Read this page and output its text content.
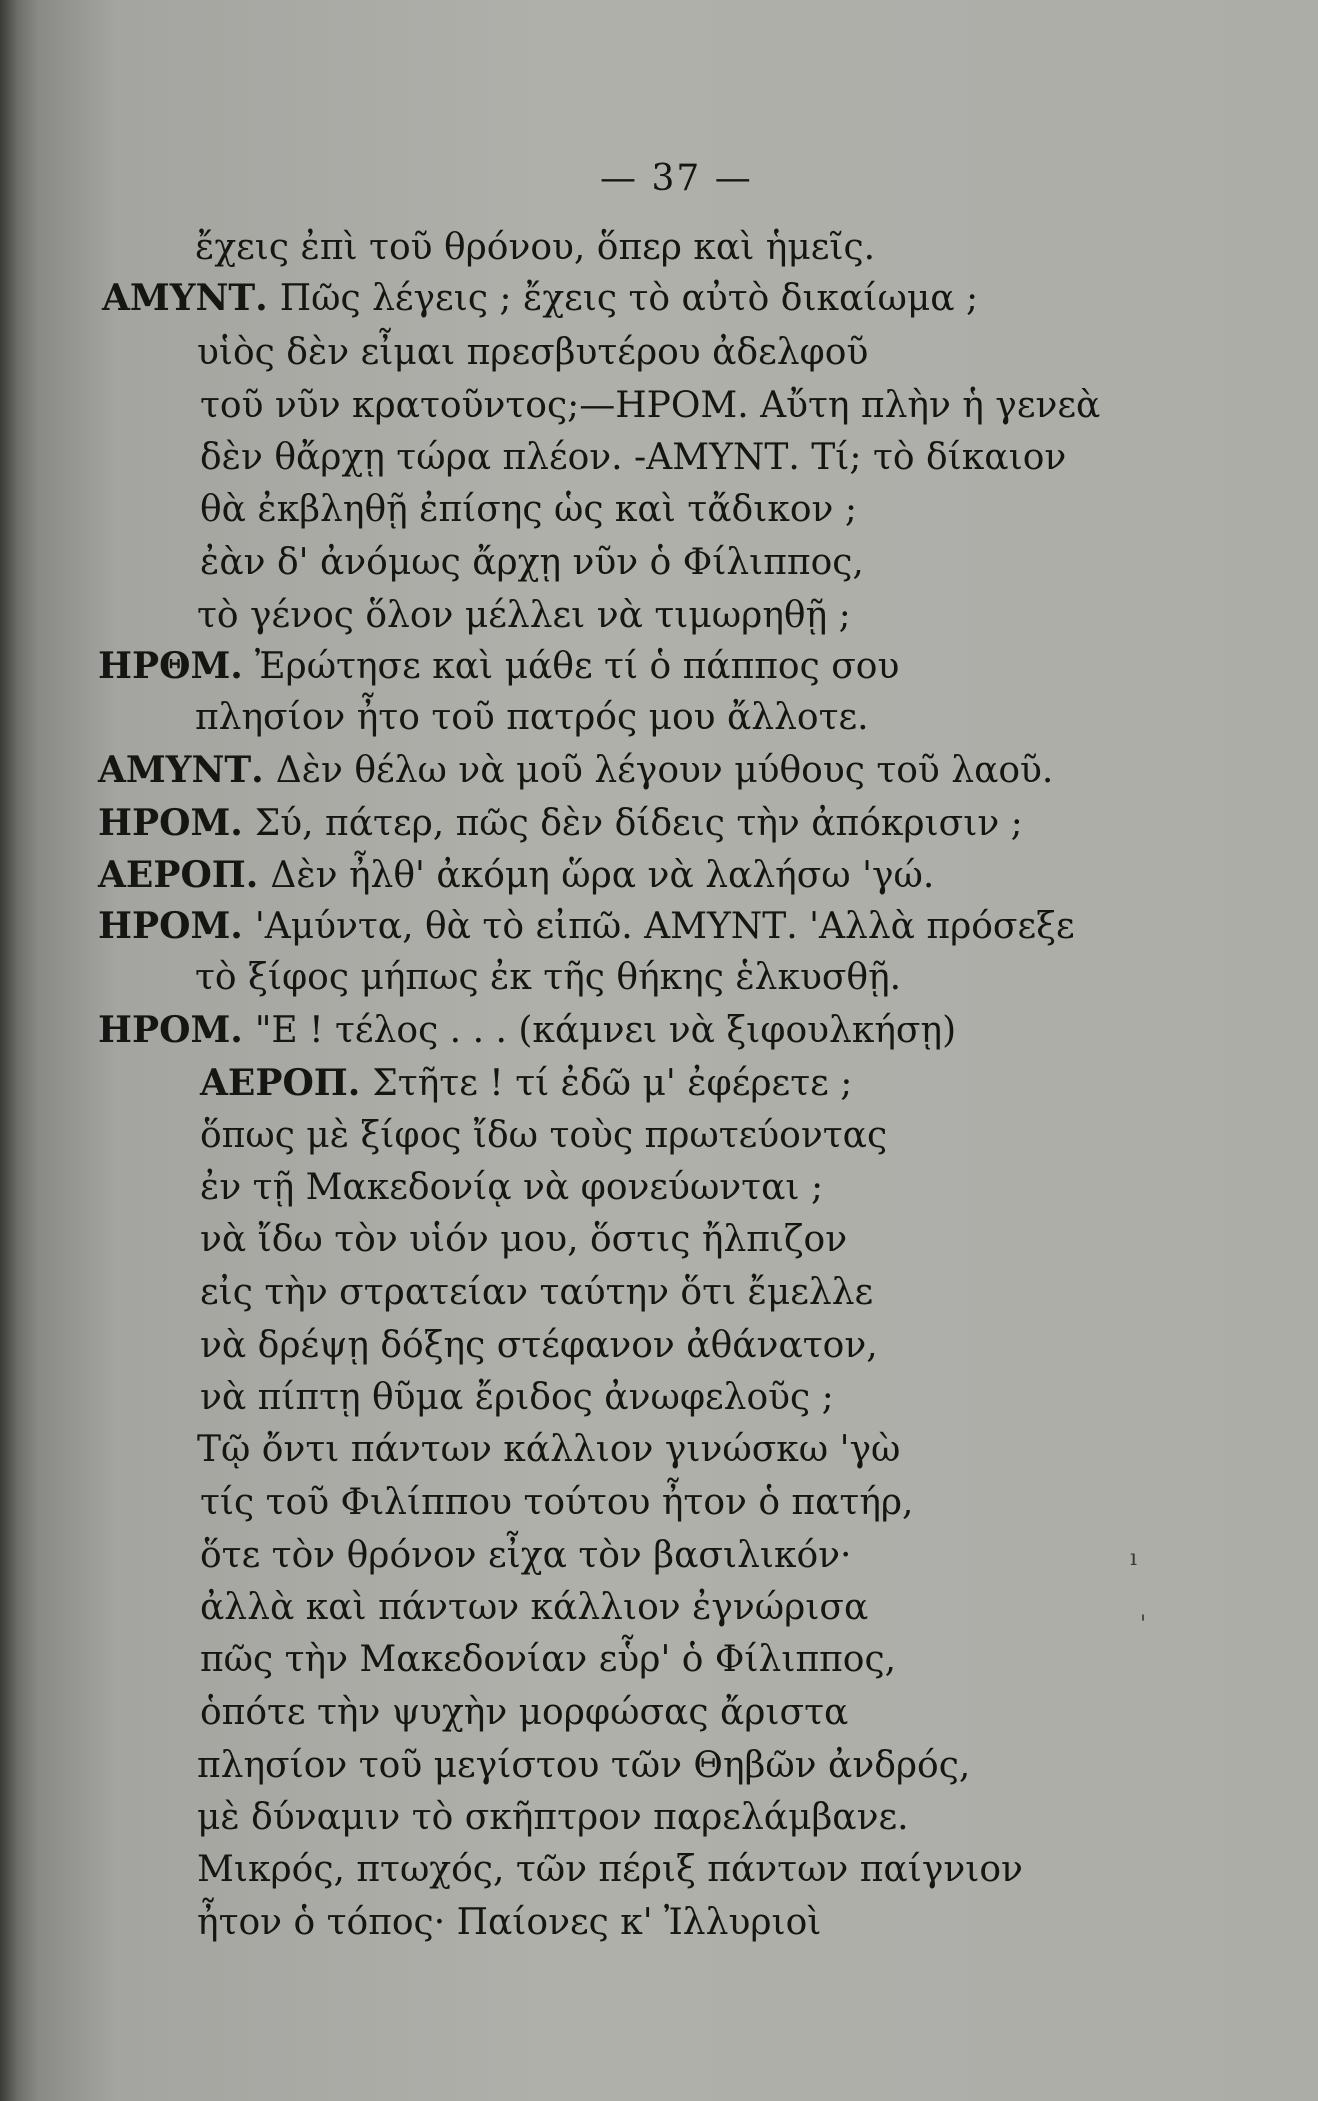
— 37 —
ἔχεις ἐπὶ τοῦ θρόνου, ὅπερ καὶ ἡμεῖς.
ΑΜΥΝΤ. Πῶς λέγεις ; ἔχεις τὸ αὐτὸ δικαίωμα ;
υἱὸς δὲν εἶμαι πρεσβυτέρου ἀδελφοῦ
τοῦ νῦν κρατοῦντος;—ΗΡΟΜ. Αὔτη πλὴν ἡ γενεὰ
δὲν θἄρχῃ τώρα πλέον. -ΑΜΥΝΤ. Τί; τὸ δίκαιον
θὰ ἐκβληθῇ ἐπίσης ὡς καὶ τἄδικον ;
ἐὰν δ' ἀνόμως ἄρχῃ νῦν ὁ Φίλιππος,
τὸ γένος ὅλον μέλλει νὰ τιμωρηθῇ ;
ΗΡΘΜ. Ἐρώτησε καὶ μάθε τί ὁ πάππος σου
πλησίον ἦτο τοῦ πατρός μου ἄλλοτε.
ΑΜΥΝΤ. Δὲν θέλω νὰ μοῦ λέγουν μύθους τοῦ λαοῦ.
ΗΡΟΜ. Σύ, πάτερ, πῶς δὲν δίδεις τὴν ἀπόκρισιν ;
ΑΕΡΟΠ. Δὲν ἦλθ' ἀκόμη ὥρα νὰ λαλήσω 'γώ.
ΗΡΟΜ. 'Αμύντα, θὰ τὸ εἰπῶ. ΑΜΥΝΤ. 'Αλλὰ πρόσεξε
τὸ ξίφος μήπως ἐκ τῆς θήκης ἑλκυσθῇ.
ΗΡΟΜ. "Ε ! τέλος . . . (κάμνει νὰ ξιφουλκήσῃ)
ΑΕΡΟΠ. Στῆτε ! τί ἐδῶ μ' ἐφέρετε ;
ὅπως μὲ ξίφος ἴδω τοὺς πρωτεύοντας
ἐν τῇ Μακεδονίᾳ νὰ φονεύωνται ;
νὰ ἴδω τὸν υἱόν μου, ὅστις ἤλπιζον
εἰς τὴν στρατείαν ταύτην ὅτι ἔμελλε
νὰ δρέψῃ δόξης στέφανον ἀθάνατον,
νὰ πίπτῃ θῦμα ἔριδος ἀνωφελοῦς ;
Τῷ ὄντι πάντων κάλλιον γινώσκω 'γὼ
τίς τοῦ Φιλίππου τούτου ἦτον ὁ πατήρ,
ὅτε τὸν θρόνον εἶχα τὸν βασιλικόν·
ἀλλὰ καὶ πάντων κάλλιον ἐγνώρισα
πῶς τὴν Μακεδονίαν εὗρ' ὁ Φίλιππος,
ὁπότε τὴν ψυχὴν μορφώσας ἄριστα
πλησίον τοῦ μεγίστου τῶν Θηβῶν ἀνδρός,
μὲ δύναμιν τὸ σκῆπτρον παρελάμβανε.
Μικρός, πτωχός, τῶν πέριξ πάντων παίγνιον
ἦτον ὁ τόπος· Παίονες κ' Ἰλλυριοὶ
ı
'
